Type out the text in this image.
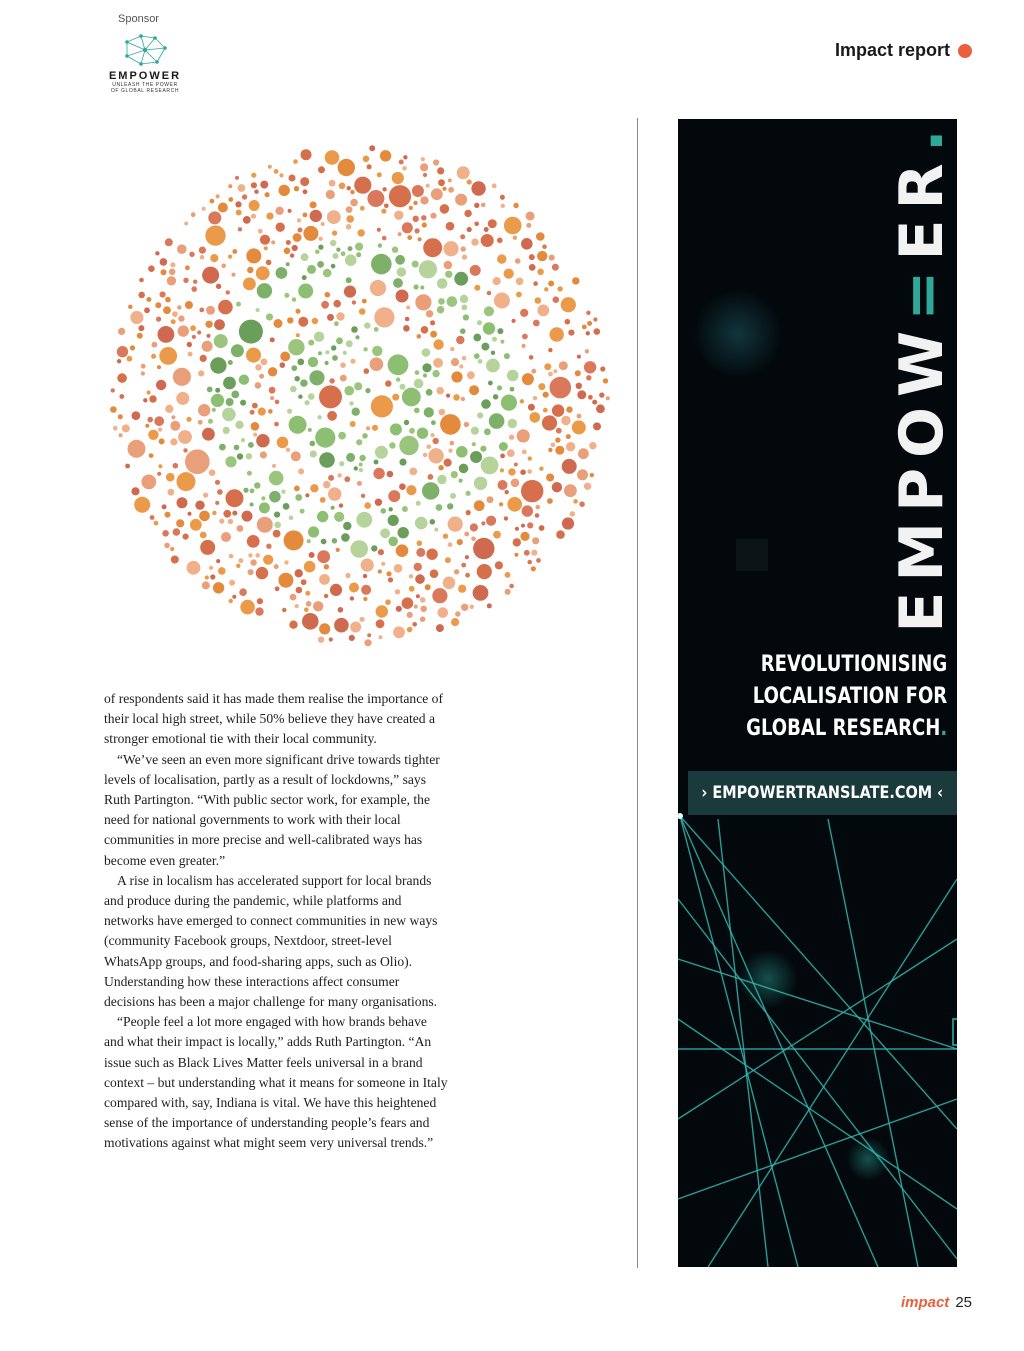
Sponsor
EMPOWER
UNLEASH THE POWER
OF GLOBAL RESEARCH
Impact report

of respondents said it has made them realise the importance of their local high street, while 50% believe they have created a stronger emotional tie with their local community.

“We’ve seen an even more significant drive towards tighter levels of localisation, partly as a result of lockdowns,” says Ruth Partington. “With public sector work, for example, the need for national governments to work with their local communities in more precise and well-calibrated ways has become even greater.”

A rise in localism has accelerated support for local brands and produce during the pandemic, while platforms and networks have emerged to connect communities in new ways (community Facebook groups, Nextdoor, street-level WhatsApp groups, and food-sharing apps, such as Olio). Understanding how these interactions affect consumer decisions has been a major challenge for many organisations.

“People feel a lot more engaged with how brands behave and what their impact is locally,” adds Ruth Partington. “An issue such as Black Lives Matter feels universal in a brand context – but understanding what it means for someone in Italy compared with, say, Indiana is vital. We have this heightened sense of the importance of understanding people’s fears and motivations against what might seem very universal trends.”

EMPOW=ER.
REVOLUTIONISING
LOCALISATION FOR
GLOBAL RESEARCH.
› EMPOWERTRANSLATE.COM ‹
impact 25
